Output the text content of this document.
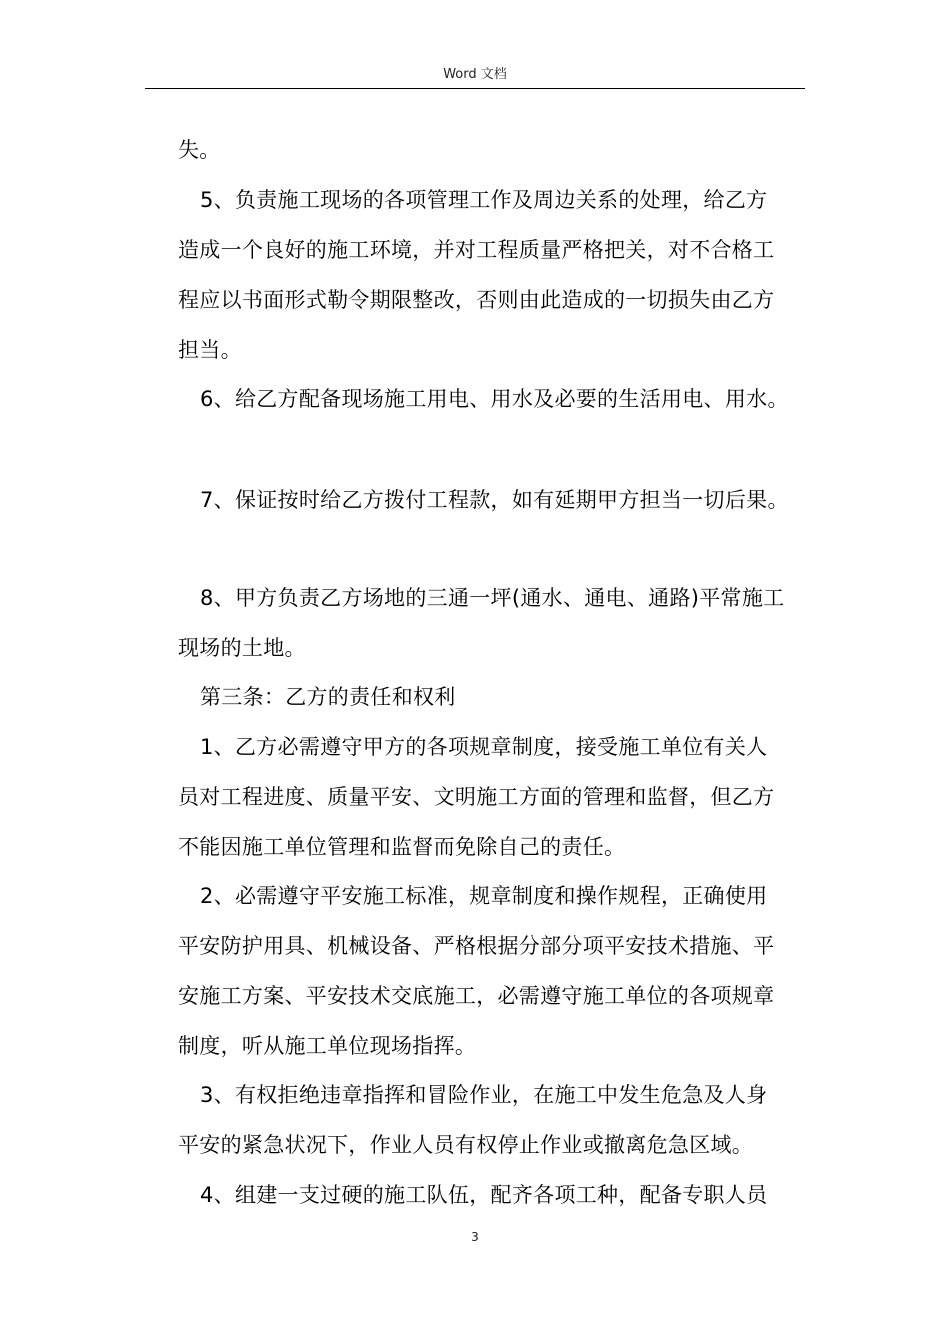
Word 文档
失。
5、负责施工现场的各项管理工作及周边关系的处理，给乙方
造成一个良好的施工环境，并对工程质量严格把关，对不合格工
程应以书面形式勒令期限整改，否则由此造成的一切损失由乙方
担当。
6、给乙方配备现场施工用电、用水及必要的生活用电、用水。
7、保证按时给乙方拨付工程款，如有延期甲方担当一切后果。
8、甲方负责乙方场地的三通一坪(通水、通电、通路)平常施工
现场的土地。
第三条：乙方的责任和权利
1、乙方必需遵守甲方的各项规章制度，接受施工单位有关人
员对工程进度、质量平安、文明施工方面的管理和监督，但乙方
不能因施工单位管理和监督而免除自己的责任。
2、必需遵守平安施工标准，规章制度和操作规程，正确使用
平安防护用具、机械设备、严格根据分部分项平安技术措施、平
安施工方案、平安技术交底施工，必需遵守施工单位的各项规章
制度，听从施工单位现场指挥。
3、有权拒绝违章指挥和冒险作业，在施工中发生危急及人身
平安的紧急状况下，作业人员有权停止作业或撤离危急区域。
4、组建一支过硬的施工队伍，配齐各项工种，配备专职人员
3
